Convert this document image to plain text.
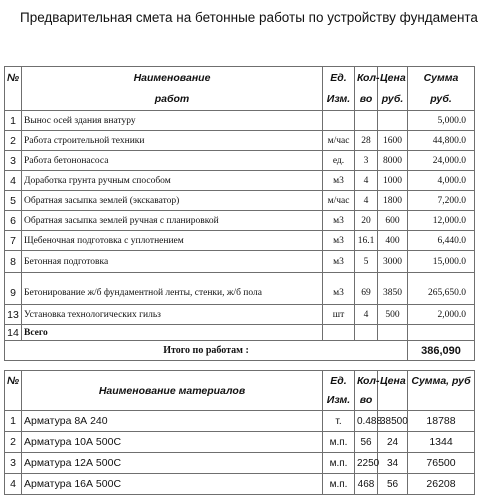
Предварительная смета на бетонные работы по устройству фундамента
№	Наименование	Ед.	Кол-	Цена	Сумма
	работ	Изм.	во	руб.	руб.
1	Вынос осей здания внатуру				5,000.0
2	Работа строительной техники	м/час	28	1600	44,800.0
3	Работа бетононасоса	ед.	3	8000	24,000.0
4	Доработка грунта ручным способом	м3	4	1000	4,000.0
5	Обратная засыпка землей (экскаватор)	м/час	4	1800	7,200.0
6	Обратная засыпка землей ручная с планировкой	м3	20	600	12,000.0
7	Щебеночная подготовка с уплотнением	м3	16.1	400	6,440.0
8	Бетонная подготовка	м3	5	3000	15,000.0

9	Бетонирование ж/б фундаментной ленты, стенки, ж/б пола	м3	69	3850	265,650.0
13	Установка технологических гильз	шт	4	500	2,000.0
14	Всего				
Итого по работам :					386,090
№	Наименование материалов	Ед.	Кол-	Цена	Сумма, руб
		Изм.	во		
1	Арматура 8А 240	т.	0.488	38500	18788
2	Арматура 10А 500С	м.п.	56	24	1344
3	Арматура 12А 500С	м.п.	2250	34	76500
4	Арматура 16А 500С	м.п.	468	56	26208
